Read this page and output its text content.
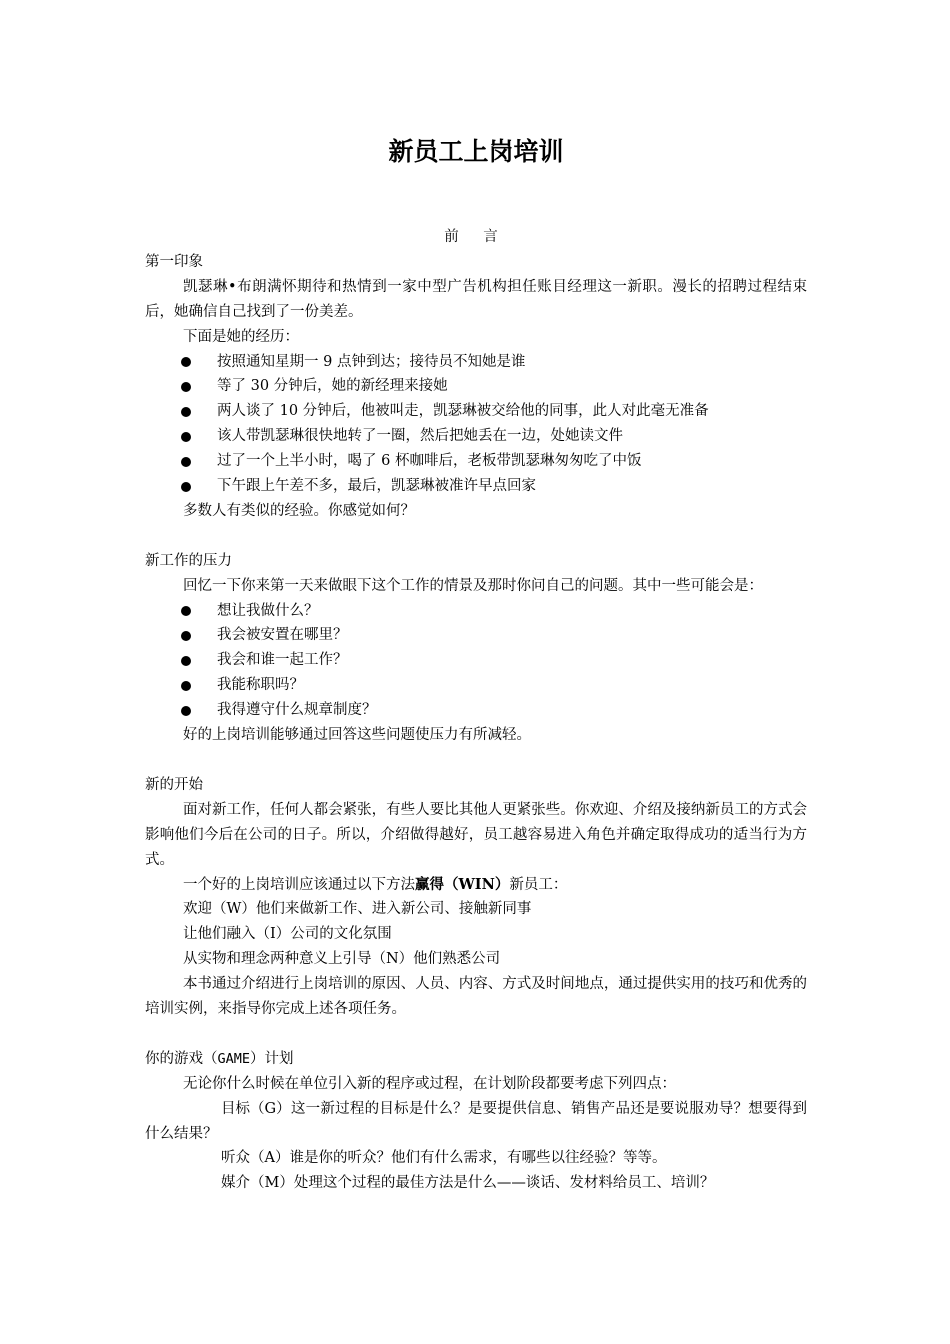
新员工上岗培训

前 言

第一印象

凯瑟琳•布朗满怀期待和热情到一家中型广告机构担任账目经理这一新职。漫长的招聘过程结束后，她确信自己找到了一份美差。

下面是她的经历：

按照通知星期一 9 点钟到达；接待员不知她是谁
等了 30 分钟后，她的新经理来接她
两人谈了 10 分钟后，他被叫走，凯瑟琳被交给他的同事，此人对此毫无准备
该人带凯瑟琳很快地转了一圈，然后把她丢在一边，处她读文件
过了一个上半小时，喝了 6 杯咖啡后，老板带凯瑟琳匆匆吃了中饭
下午跟上午差不多，最后，凯瑟琳被准许早点回家

多数人有类似的经验。你感觉如何？

新工作的压力

回忆一下你来第一天来做眼下这个工作的情景及那时你问自己的问题。其中一些可能会是：

想让我做什么？
我会被安置在哪里？
我会和谁一起工作？
我能称职吗？
我得遵守什么规章制度？

好的上岗培训能够通过回答这些问题使压力有所减轻。

新的开始

面对新工作，任何人都会紧张，有些人要比其他人更紧张些。你欢迎、介绍及接纳新员工的方式会影响他们今后在公司的日子。所以，介绍做得越好，员工越容易进入角色并确定取得成功的适当行为方式。

一个好的上岗培训应该通过以下方法赢得（WIN）新员工：

欢迎（W）他们来做新工作、进入新公司、接触新同事

让他们融入（I）公司的文化氛围

从实物和理念两种意义上引导（N）他们熟悉公司

本书通过介绍进行上岗培训的原因、人员、内容、方式及时间地点，通过提供实用的技巧和优秀的培训实例，来指导你完成上述各项任务。

你的游戏（GAME）计划

无论你什么时候在单位引入新的程序或过程，在计划阶段都要考虑下列四点：

目标（G）这一新过程的目标是什么？是要提供信息、销售产品还是要说服劝导？想要得到什么结果？

听众（A）谁是你的听众？他们有什么需求，有哪些以往经验？等等。

媒介（M）处理这个过程的最佳方法是什么——谈话、发材料给员工、培训？
